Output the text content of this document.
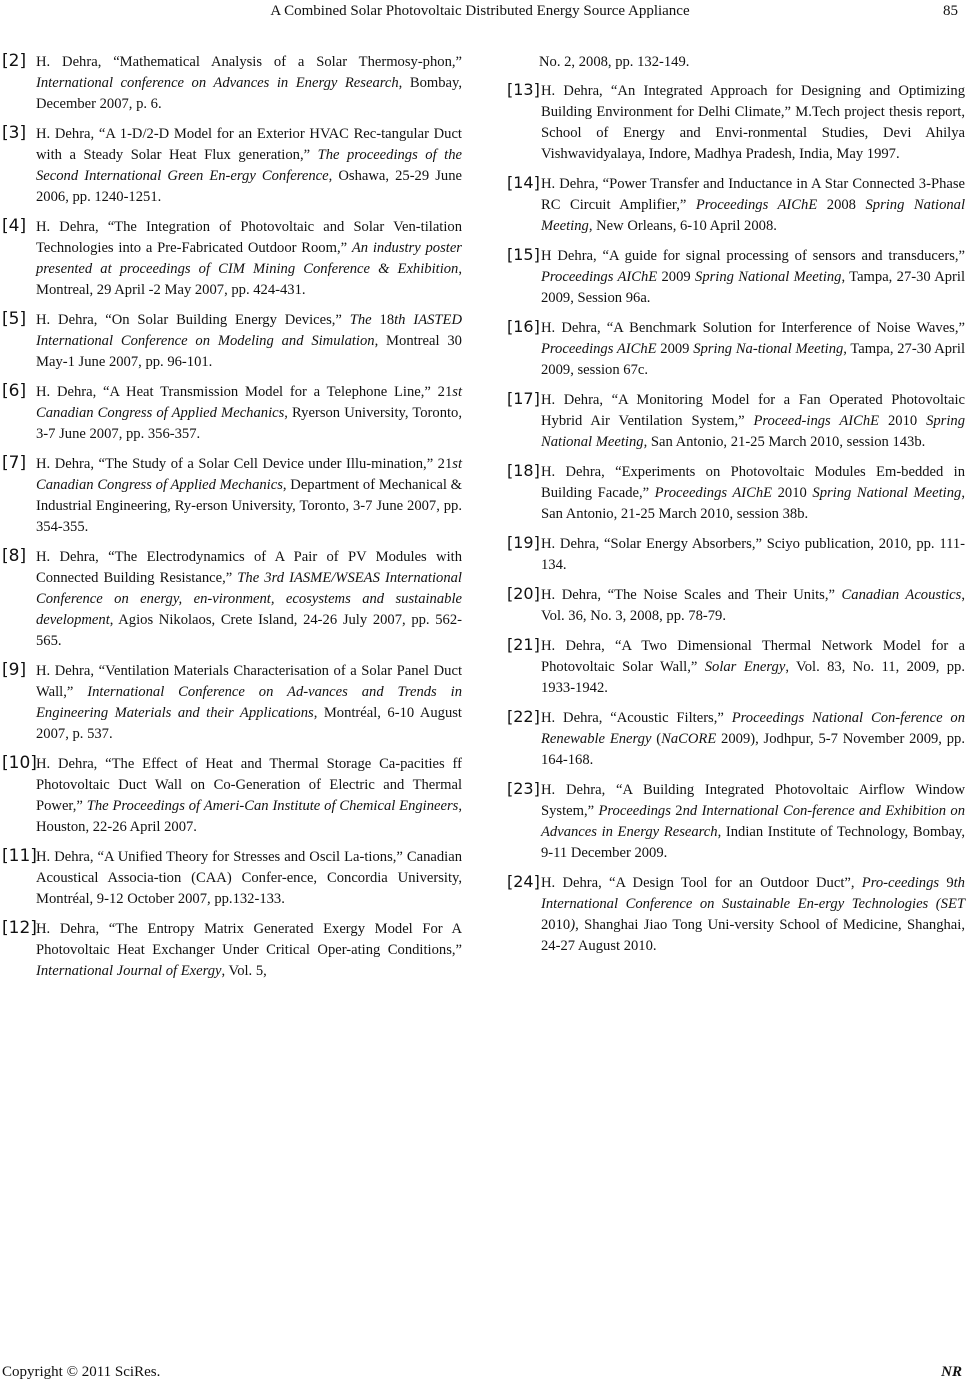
A Combined Solar Photovoltaic Distributed Energy Source Appliance	85
[2] H. Dehra, “Mathematical Analysis of a Solar Thermosy-phon,” International conference on Advances in Energy Research, Bombay, December 2007, p. 6.
[3] H. Dehra, “A 1-D/2-D Model for an Exterior HVAC Rec-tangular Duct with a Steady Solar Heat Flux generation,” The proceedings of the Second International Green En-ergy Conference, Oshawa, 25-29 June 2006, pp. 1240-1251.
[4] H. Dehra, “The Integration of Photovoltaic and Solar Ven-tilation Technologies into a Pre-Fabricated Outdoor Room,” An industry poster presented at proceedings of CIM Mining Conference & Exhibition, Montreal, 29 April -2 May 2007, pp. 424-431.
[5] H. Dehra, “On Solar Building Energy Devices,” The 18th IASTED International Conference on Modeling and Simulation, Montreal 30 May-1 June 2007, pp. 96-101.
[6] H. Dehra, “A Heat Transmission Model for a Telephone Line,” 21st Canadian Congress of Applied Mechanics, Ryerson University, Toronto, 3-7 June 2007, pp. 356-357.
[7] H. Dehra, “The Study of a Solar Cell Device under Illu-mination,” 21st Canadian Congress of Applied Mechanics, Department of Mechanical & Industrial Engineering, Ry-erson University, Toronto, 3-7 June 2007, pp. 354-355.
[8] H. Dehra, “The Electrodynamics of A Pair of PV Modules with Connected Building Resistance,” The 3rd IASME/WSEAS International Conference on energy, en-vironment, ecosystems and sustainable development, Agios Nikolaos, Crete Island, 24-26 July 2007, pp. 562-565.
[9] H. Dehra, “Ventilation Materials Characterisation of a Solar Panel Duct Wall,” International Conference on Ad-vances and Trends in Engineering Materials and their Applications, Montréal, 6-10 August 2007, p. 537.
[10] H. Dehra, “The Effect of Heat and Thermal Storage Ca-pacities ff Photovoltaic Duct Wall on Co-Generation of Electric and Thermal Power,” The Proceedings of Ameri-Can Institute of Chemical Engineers, Houston, 22-26 April 2007.
[11] H. Dehra, “A Unified Theory for Stresses and Oscil La-tions,” Canadian Acoustical Associa-tion (CAA) Confer-ence, Concordia University, Montréal, 9-12 October 2007, pp.132-133.
[12] H. Dehra, “The Entropy Matrix Generated Exergy Model For A Photovoltaic Heat Exchanger Under Critical Oper-ating Conditions,” International Journal of Exergy, Vol. 5,
No. 2, 2008, pp. 132-149.
[13] H. Dehra, “An Integrated Approach for Designing and Optimizing Building Environment for Delhi Climate,” M.Tech project thesis report, School of Energy and Envi-ronmental Studies, Devi Ahilya Vishwavidyalaya, Indore, Madhya Pradesh, India, May 1997.
[14] H. Dehra, “Power Transfer and Inductance in A Star Connected 3-Phase RC Circuit Amplifier,” Proceedings AIChE 2008 Spring National Meeting, New Orleans, 6-10 April 2008.
[15] H Dehra, “A guide for signal processing of sensors and transducers,” Proceedings AIChE 2009 Spring National Meeting, Tampa, 27-30 April 2009, Session 96a.
[16] H. Dehra, “A Benchmark Solution for Interference of Noise Waves,” Proceedings AIChE 2009 Spring Na-tional Meeting, Tampa, 27-30 April 2009, session 67c.
[17] H. Dehra, “A Monitoring Model for a Fan Operated Photovoltaic Hybrid Air Ventilation System,” Proceed-ings AIChE 2010 Spring National Meeting, San Antonio, 21-25 March 2010, session 143b.
[18] H. Dehra, “Experiments on Photovoltaic Modules Em-bedded in Building Facade,” Proceedings AIChE 2010 Spring National Meeting, San Antonio, 21-25 March 2010, session 38b.
[19] H. Dehra, “Solar Energy Absorbers,” Sciyo publication, 2010, pp. 111-134.
[20] H. Dehra, “The Noise Scales and Their Units,” Canadian Acoustics, Vol. 36, No. 3, 2008, pp. 78-79.
[21] H. Dehra, “A Two Dimensional Thermal Network Model for a Photovoltaic Solar Wall,” Solar Energy, Vol. 83, No. 11, 2009, pp. 1933-1942.
[22] H. Dehra, “Acoustic Filters,” Proceedings National Con-ference on Renewable Energy (NaCORE 2009), Jodhpur, 5-7 November 2009, pp. 164-168.
[23] H. Dehra, “A Building Integrated Photovoltaic Airflow Window System,” Proceedings 2nd International Con-ference and Exhibition on Advances in Energy Research, Indian Institute of Technology, Bombay, 9-11 December 2009.
[24] H. Dehra, “A Design Tool for an Outdoor Duct”, Pro-ceedings 9th International Conference on Sustainable En-ergy Technologies (SET 2010), Shanghai Jiao Tong Uni-versity School of Medicine, Shanghai, 24-27 August 2010.
Copyright © 2011 SciRes.	NR
